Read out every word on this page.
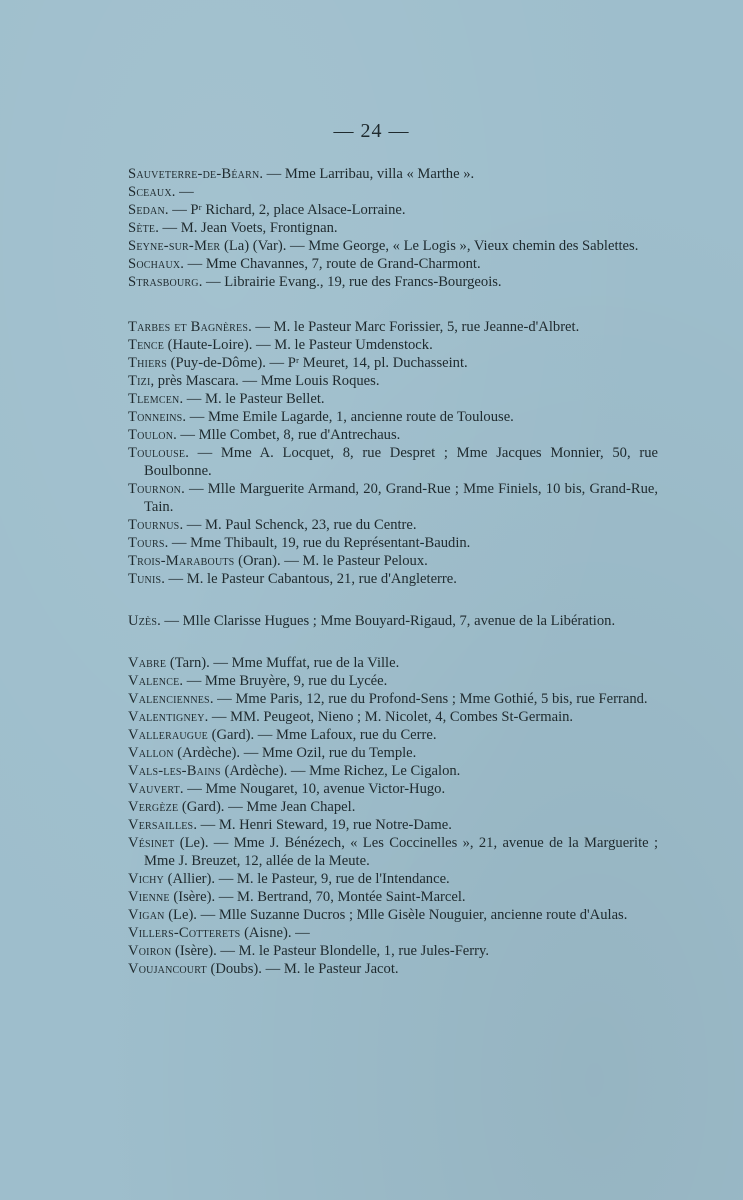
— 24 —

Sauveterre-de-Béarn. — Mme Larribau, villa « Marthe ».

Sceaux. —

Sedan. — Pʳ Richard, 2, place Alsace-Lorraine.

Sète. — M. Jean Voets, Frontignan.

Seyne-sur-Mer (La) (Var). — Mme George, « Le Logis », Vieux chemin des Sablettes.

Sochaux. — Mme Chavannes, 7, route de Grand-Charmont.

Strasbourg. — Librairie Evang., 19, rue des Francs-Bourgeois.

Tarbes et Bagnères. — M. le Pasteur Marc Forissier, 5, rue Jeanne-d'Albret.

Tence (Haute-Loire). — M. le Pasteur Umdenstock.

Thiers (Puy-de-Dôme). — Pʳ Meuret, 14, pl. Duchasseint.

Tizi, près Mascara. — Mme Louis Roques.

Tlemcen. — M. le Pasteur Bellet.

Tonneins. — Mme Emile Lagarde, 1, ancienne route de Toulouse.

Toulon. — Mlle Combet, 8, rue d'Antrechaus.

Toulouse. — Mme A. Locquet, 8, rue Despret ; Mme Jacques Monnier, 50, rue Boulbonne.

Tournon. — Mlle Marguerite Armand, 20, Grand-Rue ; Mme Finiels, 10 bis, Grand-Rue, Tain.

Tournus. — M. Paul Schenck, 23, rue du Centre.

Tours. — Mme Thibault, 19, rue du Représentant-Baudin.

Trois-Marabouts (Oran). — M. le Pasteur Peloux.

Tunis. — M. le Pasteur Cabantous, 21, rue d'Angleterre.

Uzès. — Mlle Clarisse Hugues ; Mme Bouyard-Rigaud, 7, avenue de la Libération.

Vabre (Tarn). — Mme Muffat, rue de la Ville.

Valence. — Mme Bruyère, 9, rue du Lycée.

Valenciennes. — Mme Paris, 12, rue du Profond-Sens ; Mme Gothié, 5 bis, rue Ferrand.

Valentigney. — MM. Peugeot, Nieno ; M. Nicolet, 4, Combes St-Germain.

Valleraugue (Gard). — Mme Lafoux, rue du Cerre.

Vallon (Ardèche). — Mme Ozil, rue du Temple.

Vals-les-Bains (Ardèche). — Mme Richez, Le Cigalon.

Vauvert. — Mme Nougaret, 10, avenue Victor-Hugo.

Vergèze (Gard). — Mme Jean Chapel.

Versailles. — M. Henri Steward, 19, rue Notre-Dame.

Vésinet (Le). — Mme J. Bénézech, « Les Coccinelles », 21, avenue de la Marguerite ; Mme J. Breuzet, 12, allée de la Meute.

Vichy (Allier). — M. le Pasteur, 9, rue de l'Intendance.

Vienne (Isère). — M. Bertrand, 70, Montée Saint-Marcel.

Vigan (Le). — Mlle Suzanne Ducros ; Mlle Gisèle Nouguier, ancienne route d'Aulas.

Villers-Cotterets (Aisne). —

Voiron (Isère). — M. le Pasteur Blondelle, 1, rue Jules-Ferry.

Voujancourt (Doubs). — M. le Pasteur Jacot.
